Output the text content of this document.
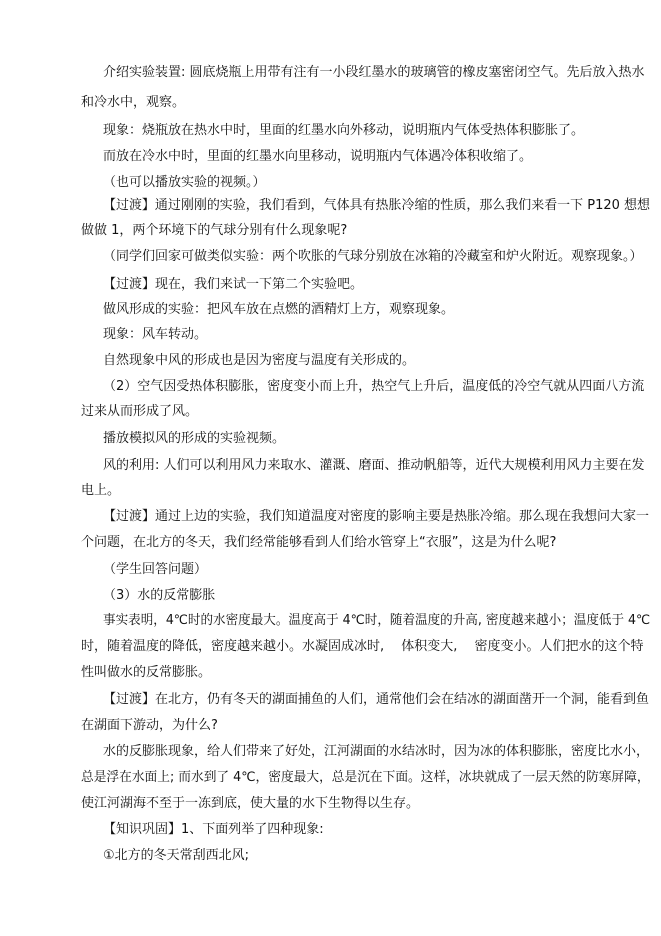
介绍实验装置: 圆底烧瓶上用带有注有一小段红墨水的玻璃管的橡皮塞密闭空气。先后放入热水
和冷水中，观察。
现象：烧瓶放在热水中时，里面的红墨水向外移动，说明瓶内气体受热体积膨胀了。
而放在冷水中时，里面的红墨水向里移动，说明瓶内气体遇冷体积收缩了。
（也可以播放实验的视频。）
【过渡】通过刚刚的实验，我们看到，气体具有热胀冷缩的性质，那么我们来看一下 P120 想想
做做 1，两个环境下的气球分别有什么现象呢?
（同学们回家可做类似实验：两个吹胀的气球分别放在冰箱的冷藏室和炉火附近。观察现象。）
【过渡】现在，我们来试一下第二个实验吧。
做风形成的实验：把风车放在点燃的酒精灯上方，观察现象。
现象：风车转动。
自然现象中风的形成也是因为密度与温度有关形成的。
（2）空气因受热体积膨胀，密度变小而上升，热空气上升后，温度低的冷空气就从四面八方流
过来从而形成了风。
播放模拟风的形成的实验视频。
风的利用: 人们可以利用风力来取水、灌溉、磨面、推动帆船等，近代大规模利用风力主要在发
电上。
【过渡】通过上边的实验，我们知道温度对密度的影响主要是热胀冷缩。那么现在我想问大家一
个问题，在北方的冬天，我们经常能够看到人们给水管穿上“衣服”，这是为什么呢?
（学生回答问题）
（3）水的反常膨胀
事实表明，4℃时的水密度最大。温度高于 4℃时，随着温度的升高, 密度越来越小；温度低于 4℃
时，随着温度的降低，密度越来越小。水凝固成冰时,　 体积变大,　 密度变小。人们把水的这个特
性叫做水的反常膨胀。
【过渡】在北方，仍有冬天的湖面捕鱼的人们，通常他们会在结冰的湖面凿开一个洞，能看到鱼
在湖面下游动，为什么?
水的反膨胀现象，给人们带来了好处，江河湖面的水结冰时，因为冰的体积膨胀，密度比水小，
总是浮在水面上; 而水到了 4℃，密度最大，总是沉在下面。这样，冰块就成了一层天然的防寒屏障，
使江河湖海不至于一冻到底，使大量的水下生物得以生存。
【知识巩固】1、下面列举了四种现象:
①北方的冬天常刮西北风;
